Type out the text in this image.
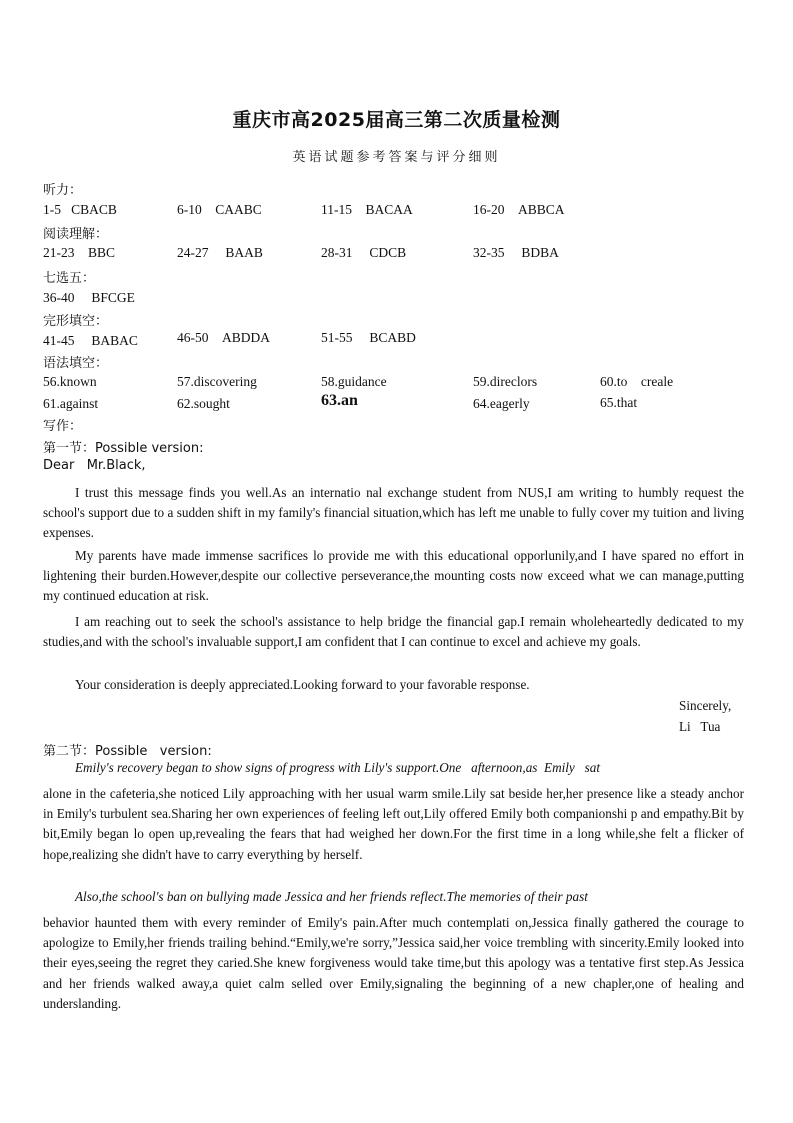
重庆市高2025届高三第二次质量检测
英语试题参考答案与评分细则
听力：
1-5 CBACB	6-10 CAABC	11-15 BACAA	16-20 ABBCA
阅读理解：
21-23 BBC	24-27 BAAB	28-31 CDCB	32-35 BDBA
七选五：
36-40 BFCGE
完形填空：
41-45 BABAC	46-50 ABDDA	51-55 BCABD
语法填空：
56.known	57.discovering	58.guidance	59.direclors	60.to    creale
61.against	62.sought	63.an	64.eagerly	65.that
写作：
第一节：Possible version:
Dear   Mr.Black,

I trust this message finds you well.As an internatio nal exchange student from NUS,I am writing to humbly request the school's support due to a sudden shift in my family's financial situation,which has left me unable to fully cover my tuition and living expenses.

My parents have made immense sacrifices lo provide me with this educational opporlunily,and I have spared no effort in lightening their burden.However,despite our collective perseverance,the mounting costs now exceed what we can manage,putting my continued education at risk.

I am reaching out to seek the school's assistance to help bridge the financial gap.I remain wholeheartedly dedicated to my studies,and with the school's invaluable support,I am confident that I can continue to excel and achieve my goals.

Your consideration is deeply appreciated.Looking forward to your favorable response.

Sincerely,
Li   Tua
第二节：Possible   version:

Emily's recovery began to show signs of progress with Lily's support.One   afternoon,as  Emily   sat

alone in the cafeteria,she noticed Lily approaching with her usual warm smile.Lily sat beside her,her presence like a steady anchor in Emily's turbulent sea.Sharing her own experiences of feeling left out,Lily offered Emily both companionshi p and empathy.Bit by bit,Emily began lo open up,revealing the fears that had weighed her down.For the first time in a long while,she felt a flicker of hope,realizing she didn't have to carry everything by herself.

Also,the school's ban on bullying made Jessica and her friends reflect.The memories of their past

behavior haunted them with every reminder of Emily's pain.After much contemplati on,Jessica finally gathered the courage to apologize to Emily,her friends trailing behind.“Emily,we're sorry,”Jessica said,her voice trembling with sincerity.Emily looked into their eyes,seeing the regret they caried.She knew forgiveness would take time,but this apology was a tentative first step.As Jessica and her friends walked away,a quiet calm selled over Emily,signaling the beginning of a new chapler,one of healing and underslanding.
